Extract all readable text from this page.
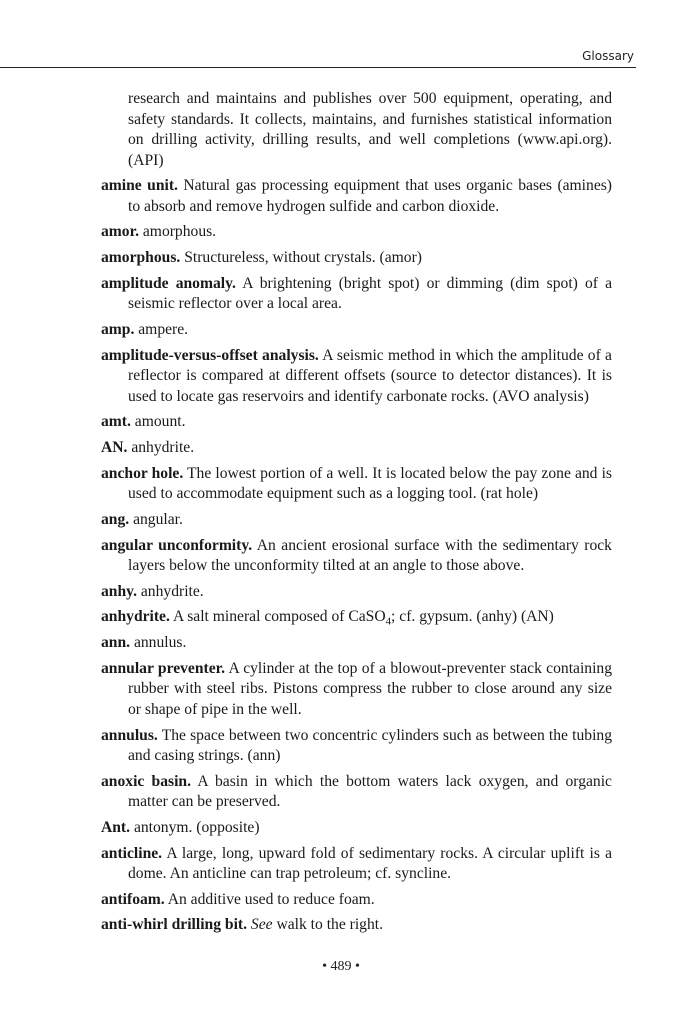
Glossary

research and maintains and publishes over 500 equipment, operating, and safety standards. It collects, maintains, and furnishes statistical information on drilling activity, drilling results, and well completions (www.api.org). (API)

amine unit. Natural gas processing equipment that uses organic bases (amines) to absorb and remove hydrogen sulfide and carbon dioxide.

amor. amorphous.

amorphous. Structureless, without crystals. (amor)

amplitude anomaly. A brightening (bright spot) or dimming (dim spot) of a seismic reflector over a local area.

amp. ampere.

amplitude-versus-offset analysis. A seismic method in which the amplitude of a reflector is compared at different offsets (source to detector distances). It is used to locate gas reservoirs and identify carbonate rocks. (AVO analysis)

amt. amount.

AN. anhydrite.

anchor hole. The lowest portion of a well. It is located below the pay zone and is used to accommodate equipment such as a logging tool. (rat hole)

ang. angular.

angular unconformity. An ancient erosional surface with the sedimentary rock layers below the unconformity tilted at an angle to those above.

anhy. anhydrite.

anhydrite. A salt mineral composed of CaSO$_4$; cf. gypsum. (anhy) (AN)

ann. annulus.

annular preventer. A cylinder at the top of a blowout-preventer stack containing rubber with steel ribs. Pistons compress the rubber to close around any size or shape of pipe in the well.

annulus. The space between two concentric cylinders such as between the tubing and casing strings. (ann)

anoxic basin. A basin in which the bottom waters lack oxygen, and organic matter can be preserved.

Ant. antonym. (opposite)

anticline. A large, long, upward fold of sedimentary rocks. A circular uplift is a dome. An anticline can trap petroleum; cf. syncline.

antifoam. An additive used to reduce foam.

anti-whirl drilling bit. See walk to the right.

• 489 •
